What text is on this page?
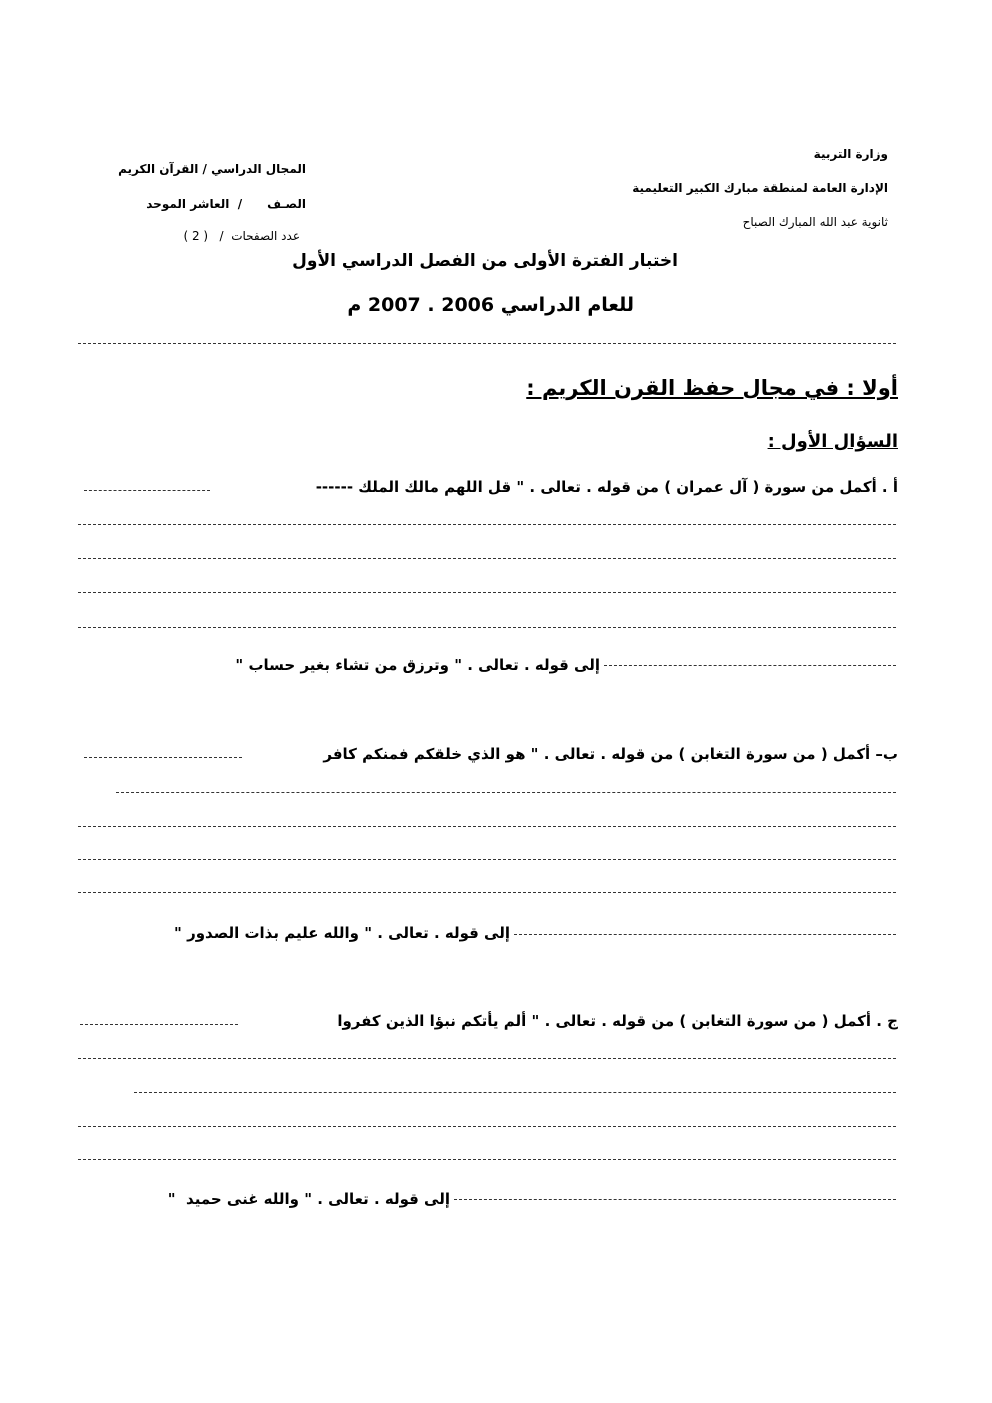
وزارة التربية
الإدارة العامة لمنطقة مبارك الكبير التعليمية
ثانوية عبد الله المبارك الصباح
المجال الدراسي / القرآن الكريم
الصـف      /  العاشر الموحد
عدد الصفحات  /   ( 2 )
اختبار الفترة الأولى من الفصل الدراسي الأول
للعام الدراسي 2006 . 2007 م
أولا : في مجال حفظ القرن الكريم :
السؤال الأول :
أ . أكمل من سورة ( آل عمران ) من قوله . تعالى . " قل اللهم مالك الملك ------
إلى قوله . تعالى . " وترزق من تشاء بغير حساب "
ب– أكمل ( من سورة التغابن ) من قوله . تعالى . " هو الذي خلقكم فمنكم كافر
إلى قوله . تعالى . " والله عليم بذات الصدور "
ج . أكمل ( من سورة التغابن ) من قوله . تعالى . " ألم يأتكم نبؤا الذين كفروا
إلى قوله . تعالى . " والله غنى حميد  "
